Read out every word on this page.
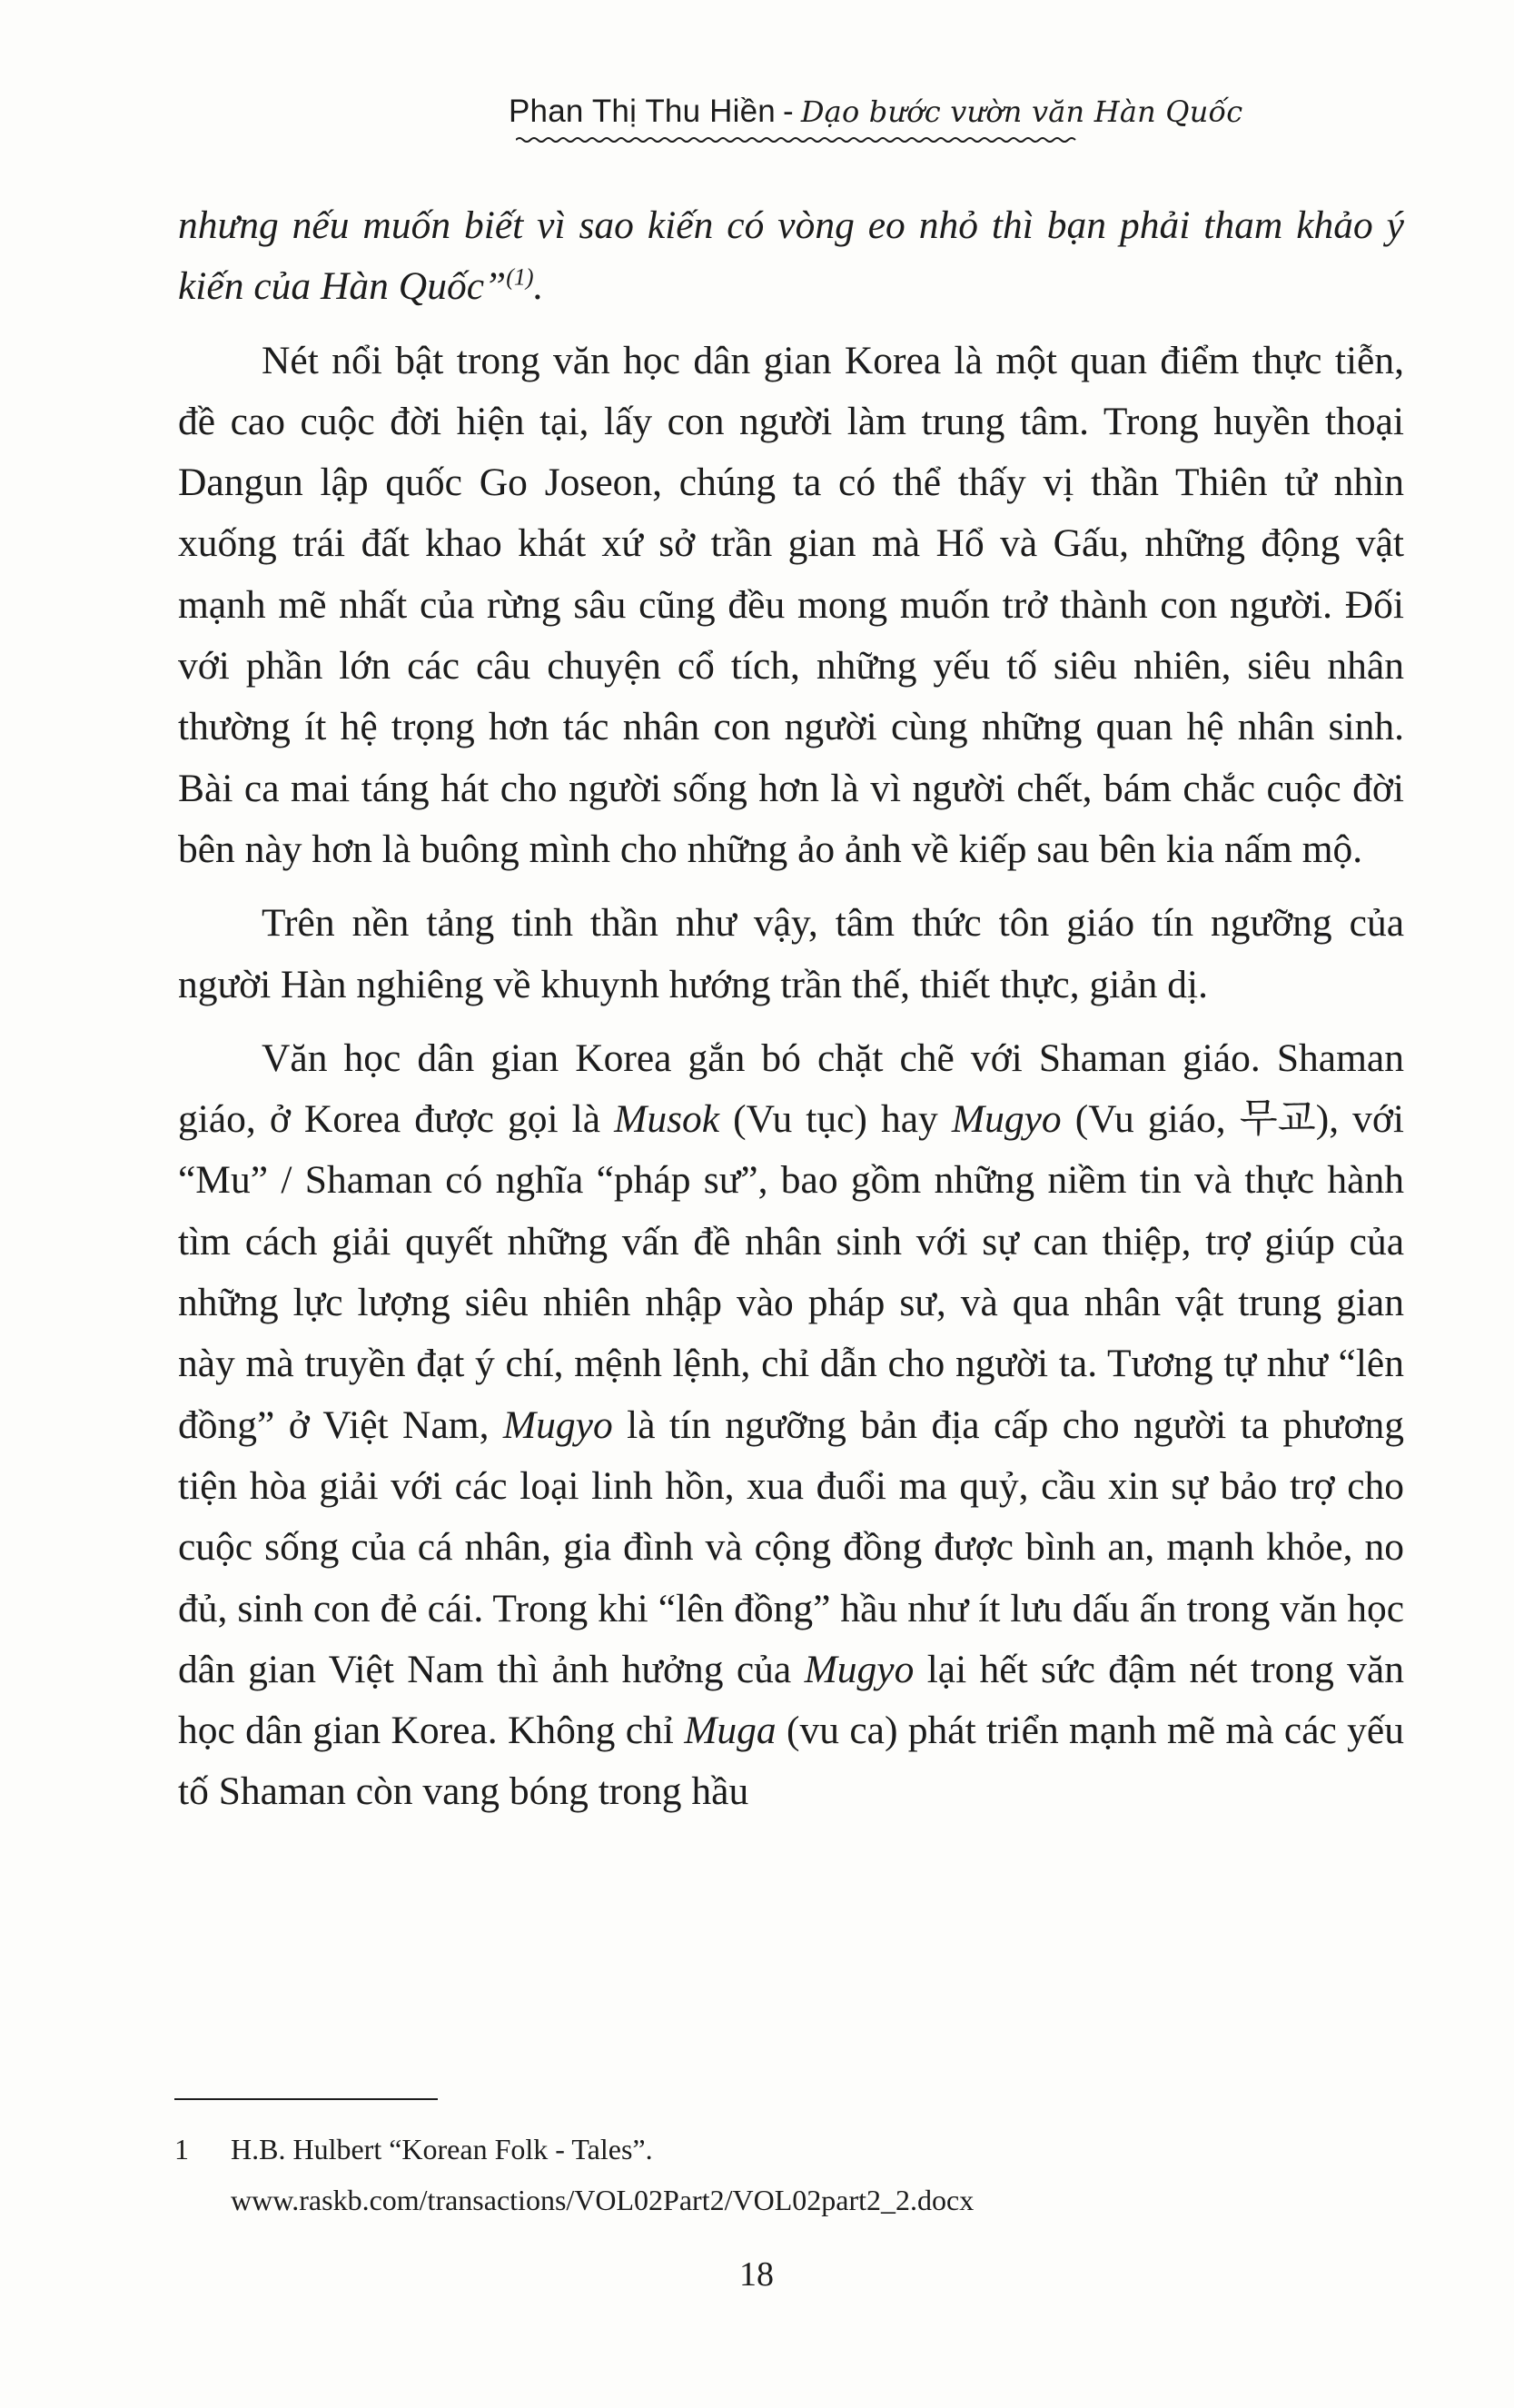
Phan Thị Thu Hiền - Dạo bước vườn văn Hàn Quốc

nhưng nếu muốn biết vì sao kiến có vòng eo nhỏ thì bạn phải tham khảo ý kiến của Hàn Quốc”$^{(1)}$.

Nét nổi bật trong văn học dân gian Korea là một quan điểm thực tiễn, đề cao cuộc đời hiện tại, lấy con người làm trung tâm. Trong huyền thoại Dangun lập quốc Go Joseon, chúng ta có thể thấy vị thần Thiên tử nhìn xuống trái đất khao khát xứ sở trần gian mà Hổ và Gấu, những động vật mạnh mẽ nhất của rừng sâu cũng đều mong muốn trở thành con người. Đối với phần lớn các câu chuyện cổ tích, những yếu tố siêu nhiên, siêu nhân thường ít hệ trọng hơn tác nhân con người cùng những quan hệ nhân sinh. Bài ca mai táng hát cho người sống hơn là vì người chết, bám chắc cuộc đời bên này hơn là buông mình cho những ảo ảnh về kiếp sau bên kia nấm mộ.

Trên nền tảng tinh thần như vậy, tâm thức tôn giáo tín ngưỡng của người Hàn nghiêng về khuynh hướng trần thế, thiết thực, giản dị.

Văn học dân gian Korea gắn bó chặt chẽ với Shaman giáo. Shaman giáo, ở Korea được gọi là Musok (Vu tục) hay Mugyo (Vu giáo, 무교), với “Mu” / Shaman có nghĩa “pháp sư”, bao gồm những niềm tin và thực hành tìm cách giải quyết những vấn đề nhân sinh với sự can thiệp, trợ giúp của những lực lượng siêu nhiên nhập vào pháp sư, và qua nhân vật trung gian này mà truyền đạt ý chí, mệnh lệnh, chỉ dẫn cho người ta. Tương tự như “lên đồng” ở Việt Nam, Mugyo là tín ngưỡng bản địa cấp cho người ta phương tiện hòa giải với các loại linh hồn, xua đuổi ma quỷ, cầu xin sự bảo trợ cho cuộc sống của cá nhân, gia đình và cộng đồng được bình an, mạnh khỏe, no đủ, sinh con đẻ cái. Trong khi “lên đồng” hầu như ít lưu dấu ấn trong văn học dân gian Việt Nam thì ảnh hưởng của Mugyo lại hết sức đậm nét trong văn học dân gian Korea. Không chỉ Muga (vu ca) phát triển mạnh mẽ mà các yếu tố Shaman còn vang bóng trong hầu

1 H.B. Hulbert “Korean Folk - Tales”.
www.raskb.com/transactions/VOL02Part2/VOL02part2_2.docx
18
